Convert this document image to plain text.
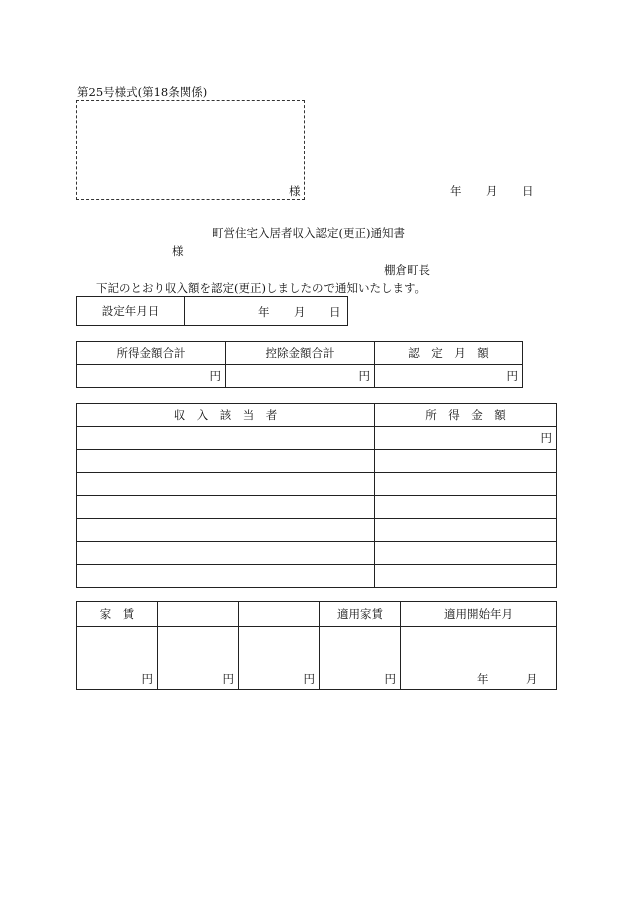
第25号様式(第18条関係)
様	年 月 日
町営住宅入居者収入認定(更正)通知書
様
棚倉町長
下記のとおり収入額を認定(更正)しましたので通知いたします。
設定年月日	年 月 日
所得金額合計	控除金額合計	認　定　月　額
円	円	円
収　入　該　当　者	所　得　金　額
	円

家　賃			適用家賃	適用開始年月
円	円	円	円	年 月
